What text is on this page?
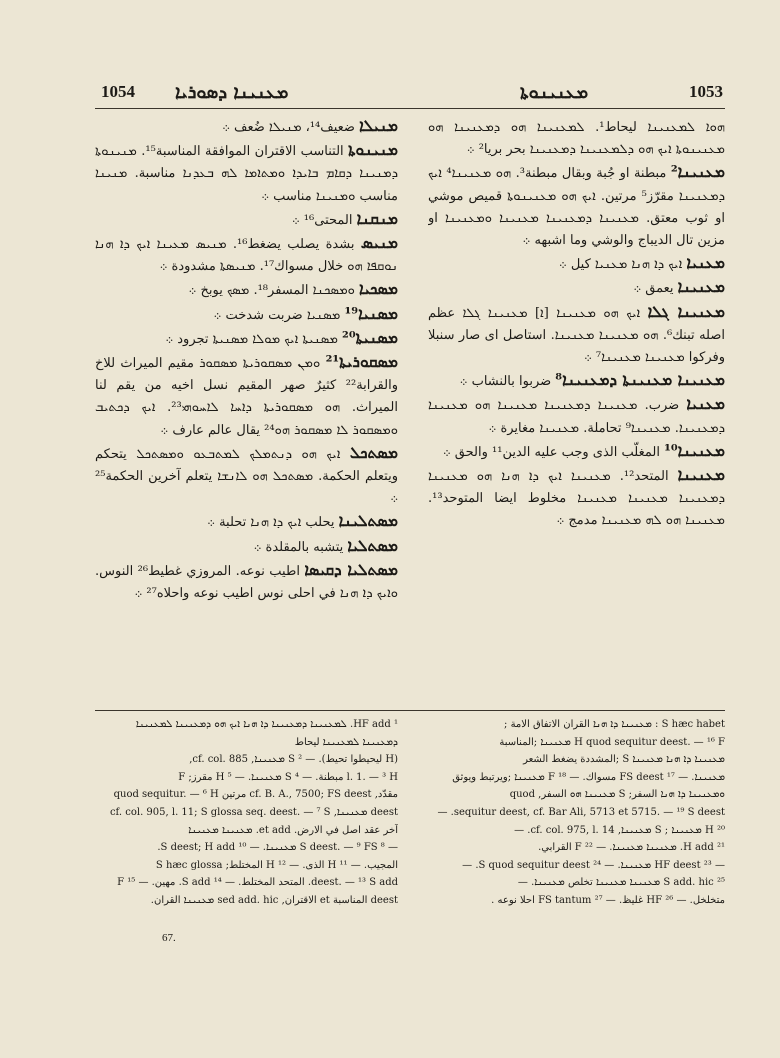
1054 ܡܥܢܝܢܐ ܕܣܘܪܝܐ	ܡܥܢܝܢܘܬܐ	1053

ܡܢܝܠܐ ضعيف¹⁴، ܡܢܝܠܐ ضُعف ܀

ܡܢܝܢܘܬܐ التناسب الاقتران الموافقة المناسبة¹⁵. ܡܢܝܢܘܬܐ ܕܡܢܝܢܐ ܕܩܐܡ ܒܐܝܕܐ ܘܡܬܐܡܐ ܠܗ ܒܥܕܢܐ مناسبة. ܡܢܝܢܐ مناسب ܘܡܢܝܢܐ مناسب ܀

ܡܢܩܢܐ المحتى¹⁶ ܀

ܡܢܝܣ بشدة يصلب يضغط¹⁶. ܡܢܝܣ ܡܥܝܢܐ ܐܝܟ ܕܐ ܗܢܐ ܢܘܩܦܐ ܗܘ خلال مسواك¹⁷. ܡܢܝܣܬܐ مشدودة ܀

ܡܣܟܝܐ ܘܡܣܟܢܐ المسفر¹⁸. ܡܣܟ يوبخ ܀

ܡܣܢܝܐ¹⁹ ܡܣܢܝܐ ضربت شدخت ܀

ܡܣܢܝܬܐ²⁰ ܡܣܢܝܬܐ ܐܝܟ ܡܘܠܐ ܡܣܢܝܬܐ تجرود ܀

ܡܣܩܘܪܝܬܐ²¹ ܘܡܢ ܡܣܩܘܪܝܬܐ ܡܣܩܘܪ مقيم الميراث للاخ والقرابة²² كثيرٌ صهر المقيم نسل اخيه من يقم لنا الميراث. ܗܘ ܡܣܩܘܪܝܬܐ ܕܐܚܐ ܠܐܚܘܗܝ²³. ܐܝܟ ܕܟܬܝܒ ܘܡܣܩܘܪ ܠܐ ܡܣܩܘܪ ܗܘ²⁴ يقال عالم عارف ܀

ܡܣܬܟܠ ܐܝܟ ܗܘ ܕܢܬܡܠܟ ܠܡܬܒܥܘ ܘܡܣܬܟܠ يتحكم ويتعلم الحكمة. ܡܣܬܟܠ ܗܘ ܠܐܢܫܐ يتعلم آخرين الحكمة²⁵ ܀

ܡܣܬܠܝܢܐ يحلب ܐܝܟ ܕܐ ܗܢܐ تحلبة ܀

ܡܣܬܠܝܐ يتشبه بالمقلدة ܀

ܡܣܬܠܝܐ ܕܩܝܣܐ اطيب نوعه. المروزي غطيط²⁶ النوس. ܘܐܝܟ ܕܐ ܗܢܐ في احلى نوس اطيب نوعه واحلاه²⁷ ܀

ܗܘܐ ܠܡܥܢܝܢܐ ليحاط¹. ܠܡܥܢܝܢܐ ܗܘ ܕܡܥܢܝܢܐ ܗܘ ܡܥܢܝܢܘܬܐ ܐܝܟ ܗܘ ܕܠܡܥܢܝܢܐ ܕܡܥܢܝܢܐ بحر بريا² ܀

ܡܥܢܝܢܐ² مبطنة او جُبة وبقال مبطنة³. ܗܘ ܡܥܢܝܢܐ⁴ ܐܝܟ ܕܡܥܢܝܢܐ مقرّز⁵ مرتين. ܐܝܟ ܗܘ ܡܥܢܝܢܘܬܐ قميص موشي او ثوب معتق. ܡܥܢܝܢܐ ܕܡܥܢܝܢܐ ܡܥܢܝܢܐ ܘܡܥܢܝܢܐ او مزين تال الديباج والوشي وما اشبهه ܀

ܡܥܢܝܐ ܐܝܟ ܕܐ ܗܢܐ ܡܥܢܝܐ كيل ܀

ܡܥܢܝܢܐ يعمق ܀

ܡܥܢܝܢܐ ܓܠܐ ܐܝܟ ܗܘ ܡܥܢܝܢܐ [ܐ] ܡܥܢܝܢܐ ܓܠܐ عظم اصله تبنك⁶. ܗܘ ܡܥܢܝܢܐ ܡܥܢܝܢܐ. استاصل اى صار سنبلا وفركوا ܡܥܢܝܢܐ ܡܥܢܝܢܐ⁷ ܀

ܡܥܢܝܢܐ ܡܥܢܝܢܬܐ ܕܡܥܢܝܢܐ⁸ ضربوا بالنشاب ܀

ܡܥܢܝܐ ضرب. ܡܥܢܝܢܐ ܕܡܥܢܝܢܐ ܡܥܢܝܢܐ ܗܘ ܡܥܢܝܢܐ ܕܡܥܢܝܢܐ. ܡܥܢܝܢܐ⁹ تحاملة. ܡܥܢܝܢܐ مغايرة ܀

ܡܥܢܝܢܐ¹⁰ المغلّب الذى وجب عليه الدين¹¹ والحق ܀

ܡܥܢܝܢܐ المتحد¹². ܡܥܢܝܢܐ ܐܝܟ ܕܐ ܗܢܐ ܗܘ ܡܥܢܝܢܐ ܕܡܥܢܝܢܐ ܡܥܢܝܢܐ ܡܥܢܝܢܐ مخلوط ايضا المتوحد¹³. ܡܥܢܝܢܐ ܗܘ ܠܗ ܡܥܢܝܢܐ مدمج ܀

¹ HF add. ܠܡܥܢܝܢܐ ܕܡܥܢܝܢܐ ܕܐ ܗܢܐ ܐܝܟ ܗܘ ܕܡܥܢܝܢܐ ܠܡܥܢܝܢܐ ܕܡܥܢܝܢܐ ܠܡܥܢܝܢܐ ليحاط

(H ليحيطوا تحيط). — ² S ܡܥܢܝܢܐ, cf. col. 885,

l. 1. — ³ H مبطنة. — ⁴ S ܡܥܢܝܢܐ. — ⁵ H مقرز; F

مقدّد, cf. B. A., 7500; FS deest مرتين quod sequitur. — ⁶ H

deest ܡܥܢܝܢܐ, cf. col. 905, l. 11; S glossa seq. deest. — ⁷ S

آخر عقد اصل في الارض. et add. ܡܥܢܝܢܐ ܡܥܢܝܢܐ

— ⁸ S deest. — ⁹ FS ܡܥܢܝܢܐ. — ¹⁰ S deest; H add.

المجيب. — ¹¹ H الذى. — ¹² H المختلط; S hæc glossa

deest. — ¹³ S add. المتحد المختلط. — ¹⁴ S add. مهين. — ¹⁵ F

deest المناسبة et الاقتران, sed add. hic ܡܥܢܝܢܐ القران.

S hæc habet : ܡܥܢܝܢܐ ܕܐ ܗܢܐ القران الاتفاق الامة ;

H quod sequitur deest. — ¹⁶ F ܡܥܢܝܢܐ ;المناسبة

ܡܥܢܝܢܐ ܕܐ ܗܢܐ ܡܥܢܝܢܐ S ;المشددة يضغط الشعر

ܡܥܢܝܢܐ. — ¹⁷ FS deest مسواك. — ¹⁸ F ܡܥܢܝܢܐ ;ويرتبط ويوثق

ܘܡܥܢܝܢܐ ܕܐ ܗܢܐ السفر; S ܡܥܢܝܢܐ ܗܘ السفر, quod

sequitur deest, cf. Bar Ali, 5713 et 5715. — ¹⁹ S deest. —

²⁰ H ܡܥܢܝܢܐ ; S ܡܥܢܝܢܐ, cf. col. 975, l. 14. —

²¹ H add. ܡܥܢܝܢܐ ܡܥܢܝܢܐ. — ²² F القرابي.

— ²³ HF deest ܡܥܢܝܢܐ. — ²⁴ S quod sequitur deest. —

²⁵ S add. hic ܡܥܢܝܢܐ ܡܥܢܝܢܐ تخلص ܡܥܢܝܢܐ. —

متخلخل. — ²⁶ HF غليظ. — ²⁷ FS tantum احلا نوعه .

67.
